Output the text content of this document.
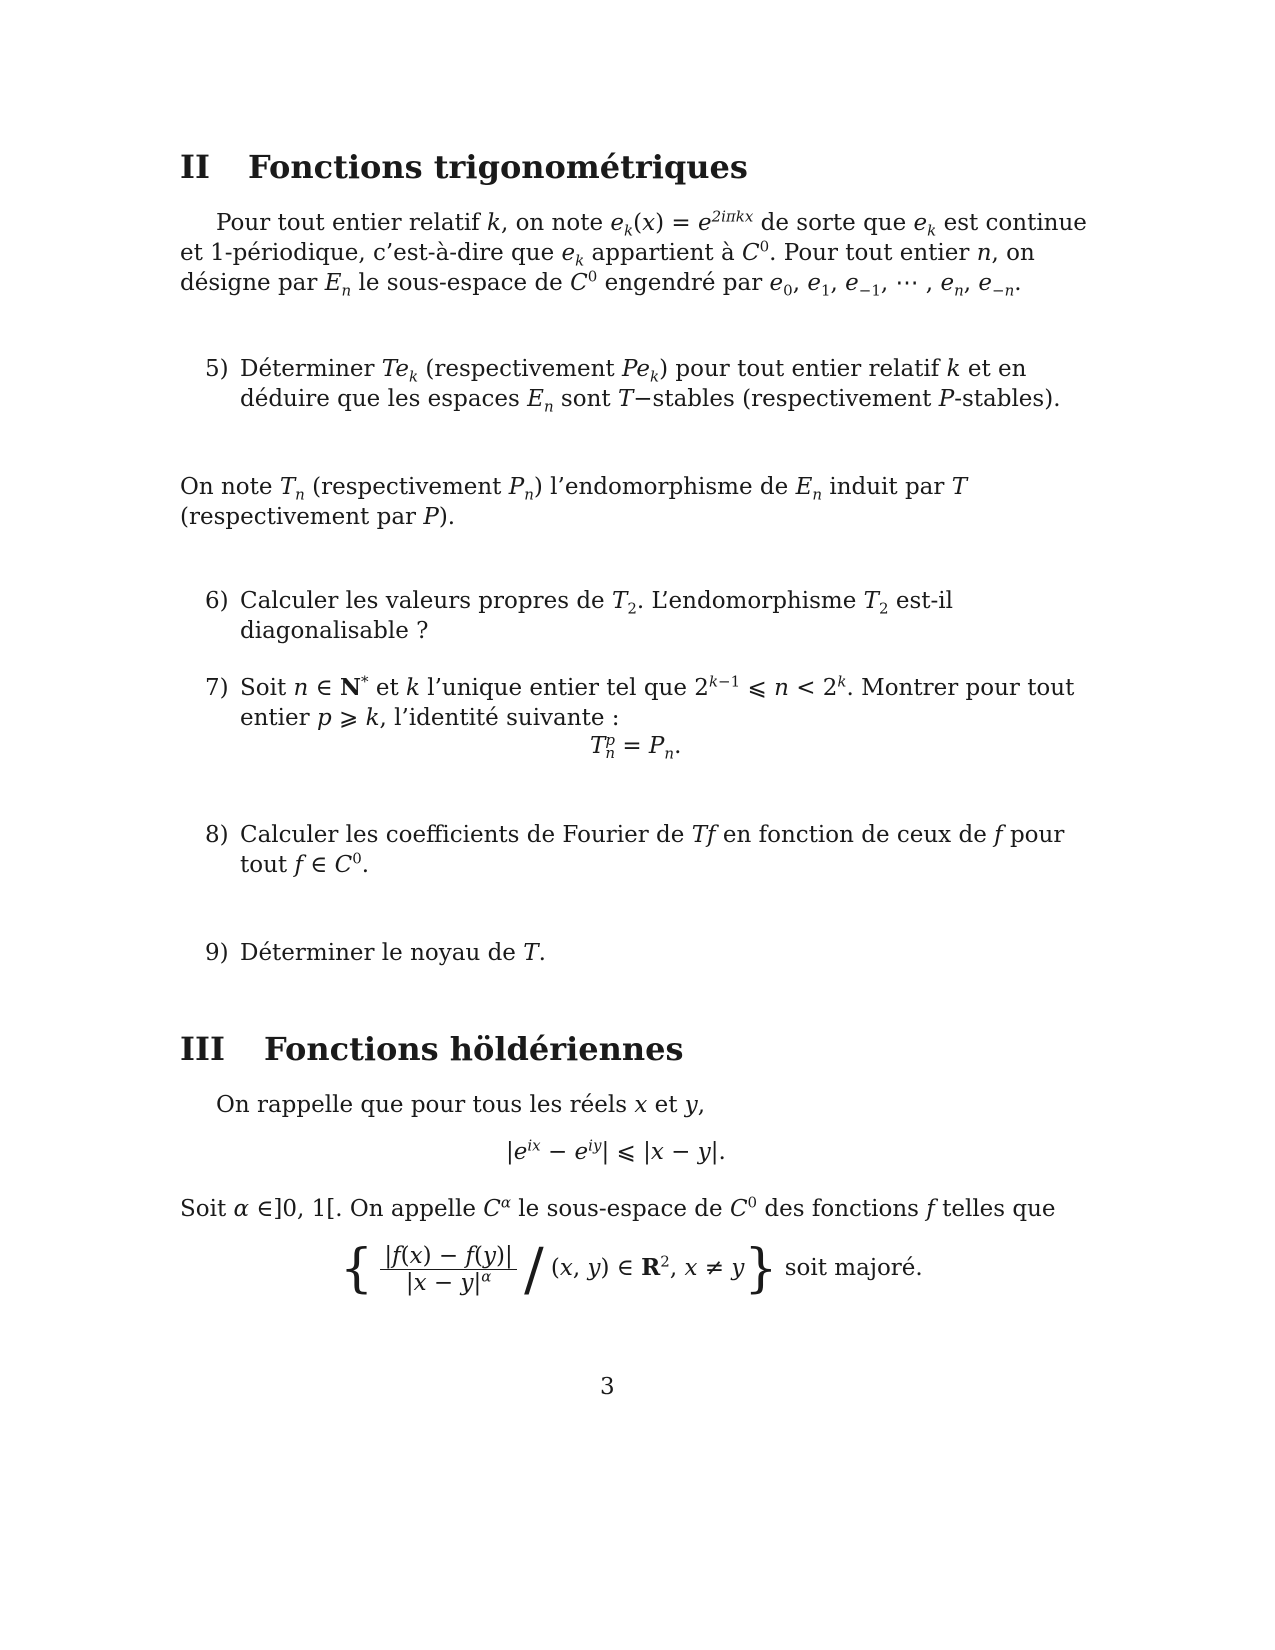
II Fonctions trigonométriques
Pour tout entier relatif k, on note $e_k(x) = e^{2i\pi kx}$ de sorte que $e_k$ est continue et 1-périodique, c’est-à-dire que $e_k$ appartient à $C^0$. Pour tout entier n, on désigne par $E_n$ le sous-espace de $C^0$ engendré par $e_0$, $e_1$, $e_{-1}$, ⋯ , $e_n$, $e_{-n}$.
5) Déterminer $Te_k$ (respectivement $Pe_k$) pour tout entier relatif k et en déduire que les espaces $E_n$ sont T−stables (respectivement P-stables).
On note $T_n$ (respectivement $P_n$) l’endomorphisme de $E_n$ induit par T (respectivement par P).
6) Calculer les valeurs propres de $T_2$. L’endomorphisme $T_2$ est-il diagonalisable ?
7) Soit n ∈ N* et k l’unique entier tel que $2^{k-1}$ ⩽ $n < 2^k$. Montrer pour tout entier p ⩾ k, l’identité suivante :
T p
$n = P_n$.
8) Calculer les coefficients de Fourier de Tf en fonction de ceux de f pour tout f ∈ $C^0$.
9) Déterminer le noyau de T.
III Fonctions höldériennes
On rappelle que pour tous les réels x et y,
$|e^{ix} - e^{iy}|$ ⩽ |x − y|.
Soit α ∈]0, 1[. On appelle $C^\alpha$ le sous-espace de $C^0$ des fonctions f telles que
{ $\frac{|f(x) - f(y)|}{|x - y|^\alpha} / (x$, y) ∈ $R^2$, x ≠ y} soit majoré.
3
